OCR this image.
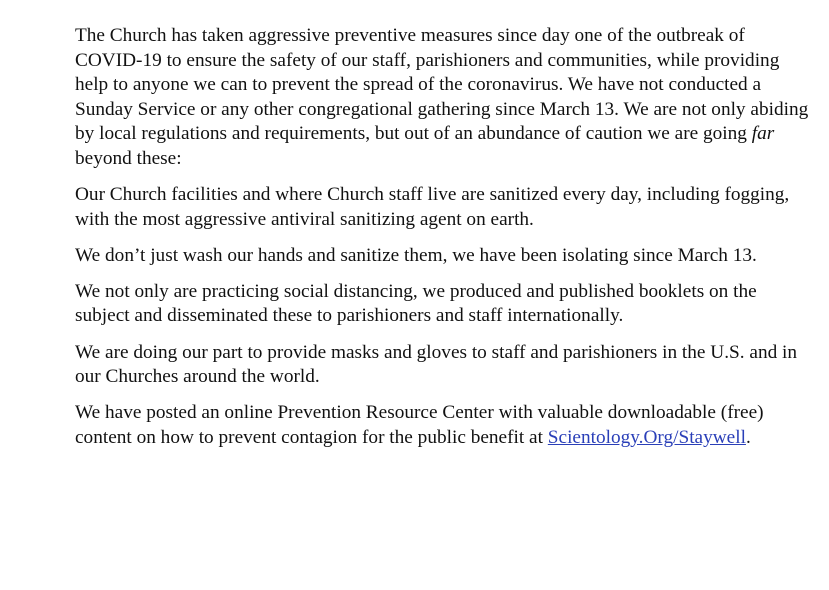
The Church has taken aggressive preventive measures since day one of the outbreak of COVID-19 to ensure the safety of our staff, parishioners and communities, while providing help to anyone we can to prevent the spread of the coronavirus. We have not conducted a Sunday Service or any other congregational gathering since March 13. We are not only abiding by local regulations and requirements, but out of an abundance of caution we are going far beyond these:

Our Church facilities and where Church staff live are sanitized every day, including fogging, with the most aggressive antiviral sanitizing agent on earth.

We don’t just wash our hands and sanitize them, we have been isolating since March 13.

We not only are practicing social distancing, we produced and published booklets on the subject and disseminated these to parishioners and staff internationally.

We are doing our part to provide masks and gloves to staff and parishioners in the U.S. and in our Churches around the world.

We have posted an online Prevention Resource Center with valuable downloadable (free) content on how to prevent contagion for the public benefit at Scientology.Org/Staywell.
